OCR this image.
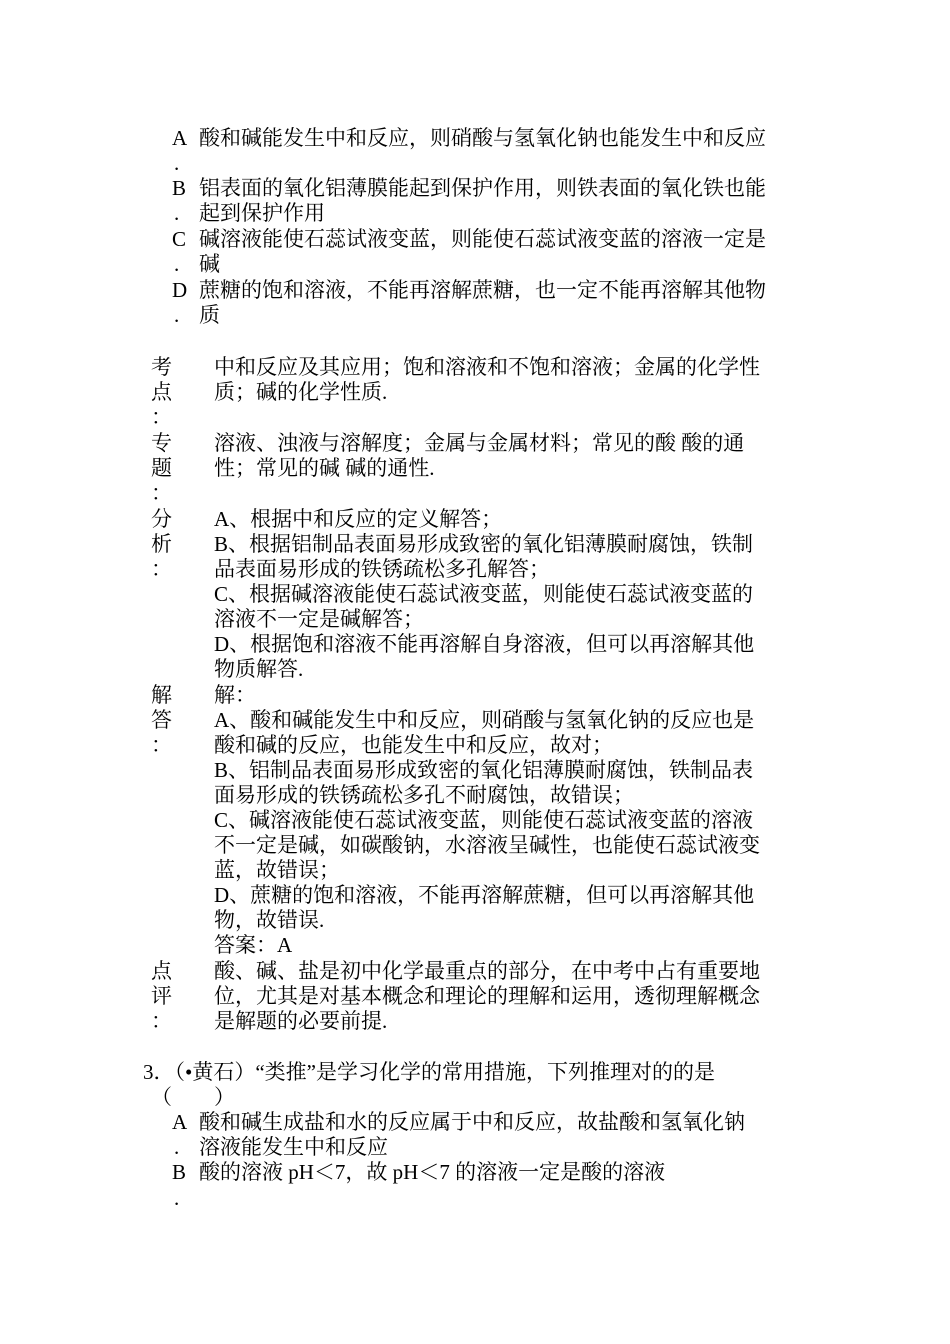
A 酸和碱能发生中和反应，则硝酸与氢氧化钠也能发生中和反应
.
B 铝表面的氧化铝薄膜能起到保护作用，则铁表面的氧化铁也能
. 起到保护作用
C 碱溶液能使石蕊试液变蓝，则能使石蕊试液变蓝的溶液一定是
. 碱
D 蔗糖的饱和溶液，不能再溶解蔗糖，也一定不能再溶解其他物
. 质
考
点
：
中和反应及其应用；饱和溶液和不饱和溶液；金属的化学性
质；碱的化学性质.
专
题
：
溶液、浊液与溶解度；金属与金属材料；常见的酸 酸的通
性；常见的碱 碱的通性.
分
析
：
A、根据中和反应的定义解答；
B、根据铝制品表面易形成致密的氧化铝薄膜耐腐蚀，铁制
品表面易形成的铁锈疏松多孔解答；
C、根据碱溶液能使石蕊试液变蓝，则能使石蕊试液变蓝的
溶液不一定是碱解答；
D、根据饱和溶液不能再溶解自身溶液，但可以再溶解其他
物质解答.
解
答
：
解：
A、酸和碱能发生中和反应，则硝酸与氢氧化钠的反应也是
酸和碱的反应，也能发生中和反应，故对；
B、铝制品表面易形成致密的氧化铝薄膜耐腐蚀，铁制品表
面易形成的铁锈疏松多孔不耐腐蚀，故错误；
C、碱溶液能使石蕊试液变蓝，则能使石蕊试液变蓝的溶液
不一定是碱，如碳酸钠，水溶液呈碱性，也能使石蕊试液变
蓝，故错误；
D、蔗糖的饱和溶液，不能再溶解蔗糖，但可以再溶解其他
物，故错误.
答案：A
点
评
：
酸、碱、盐是初中化学最重点的部分，在中考中占有重要地
位，尤其是对基本概念和理论的理解和运用，透彻理解概念
是解题的必要前提.
3．（•黄石）“类推”是学习化学的常用措施，下列推理对的的是
（　　）
A 酸和碱生成盐和水的反应属于中和反应，故盐酸和氢氧化钠
. 溶液能发生中和反应
B 酸的溶液 pH＜7，故 pH＜7 的溶液一定是酸的溶液
.
